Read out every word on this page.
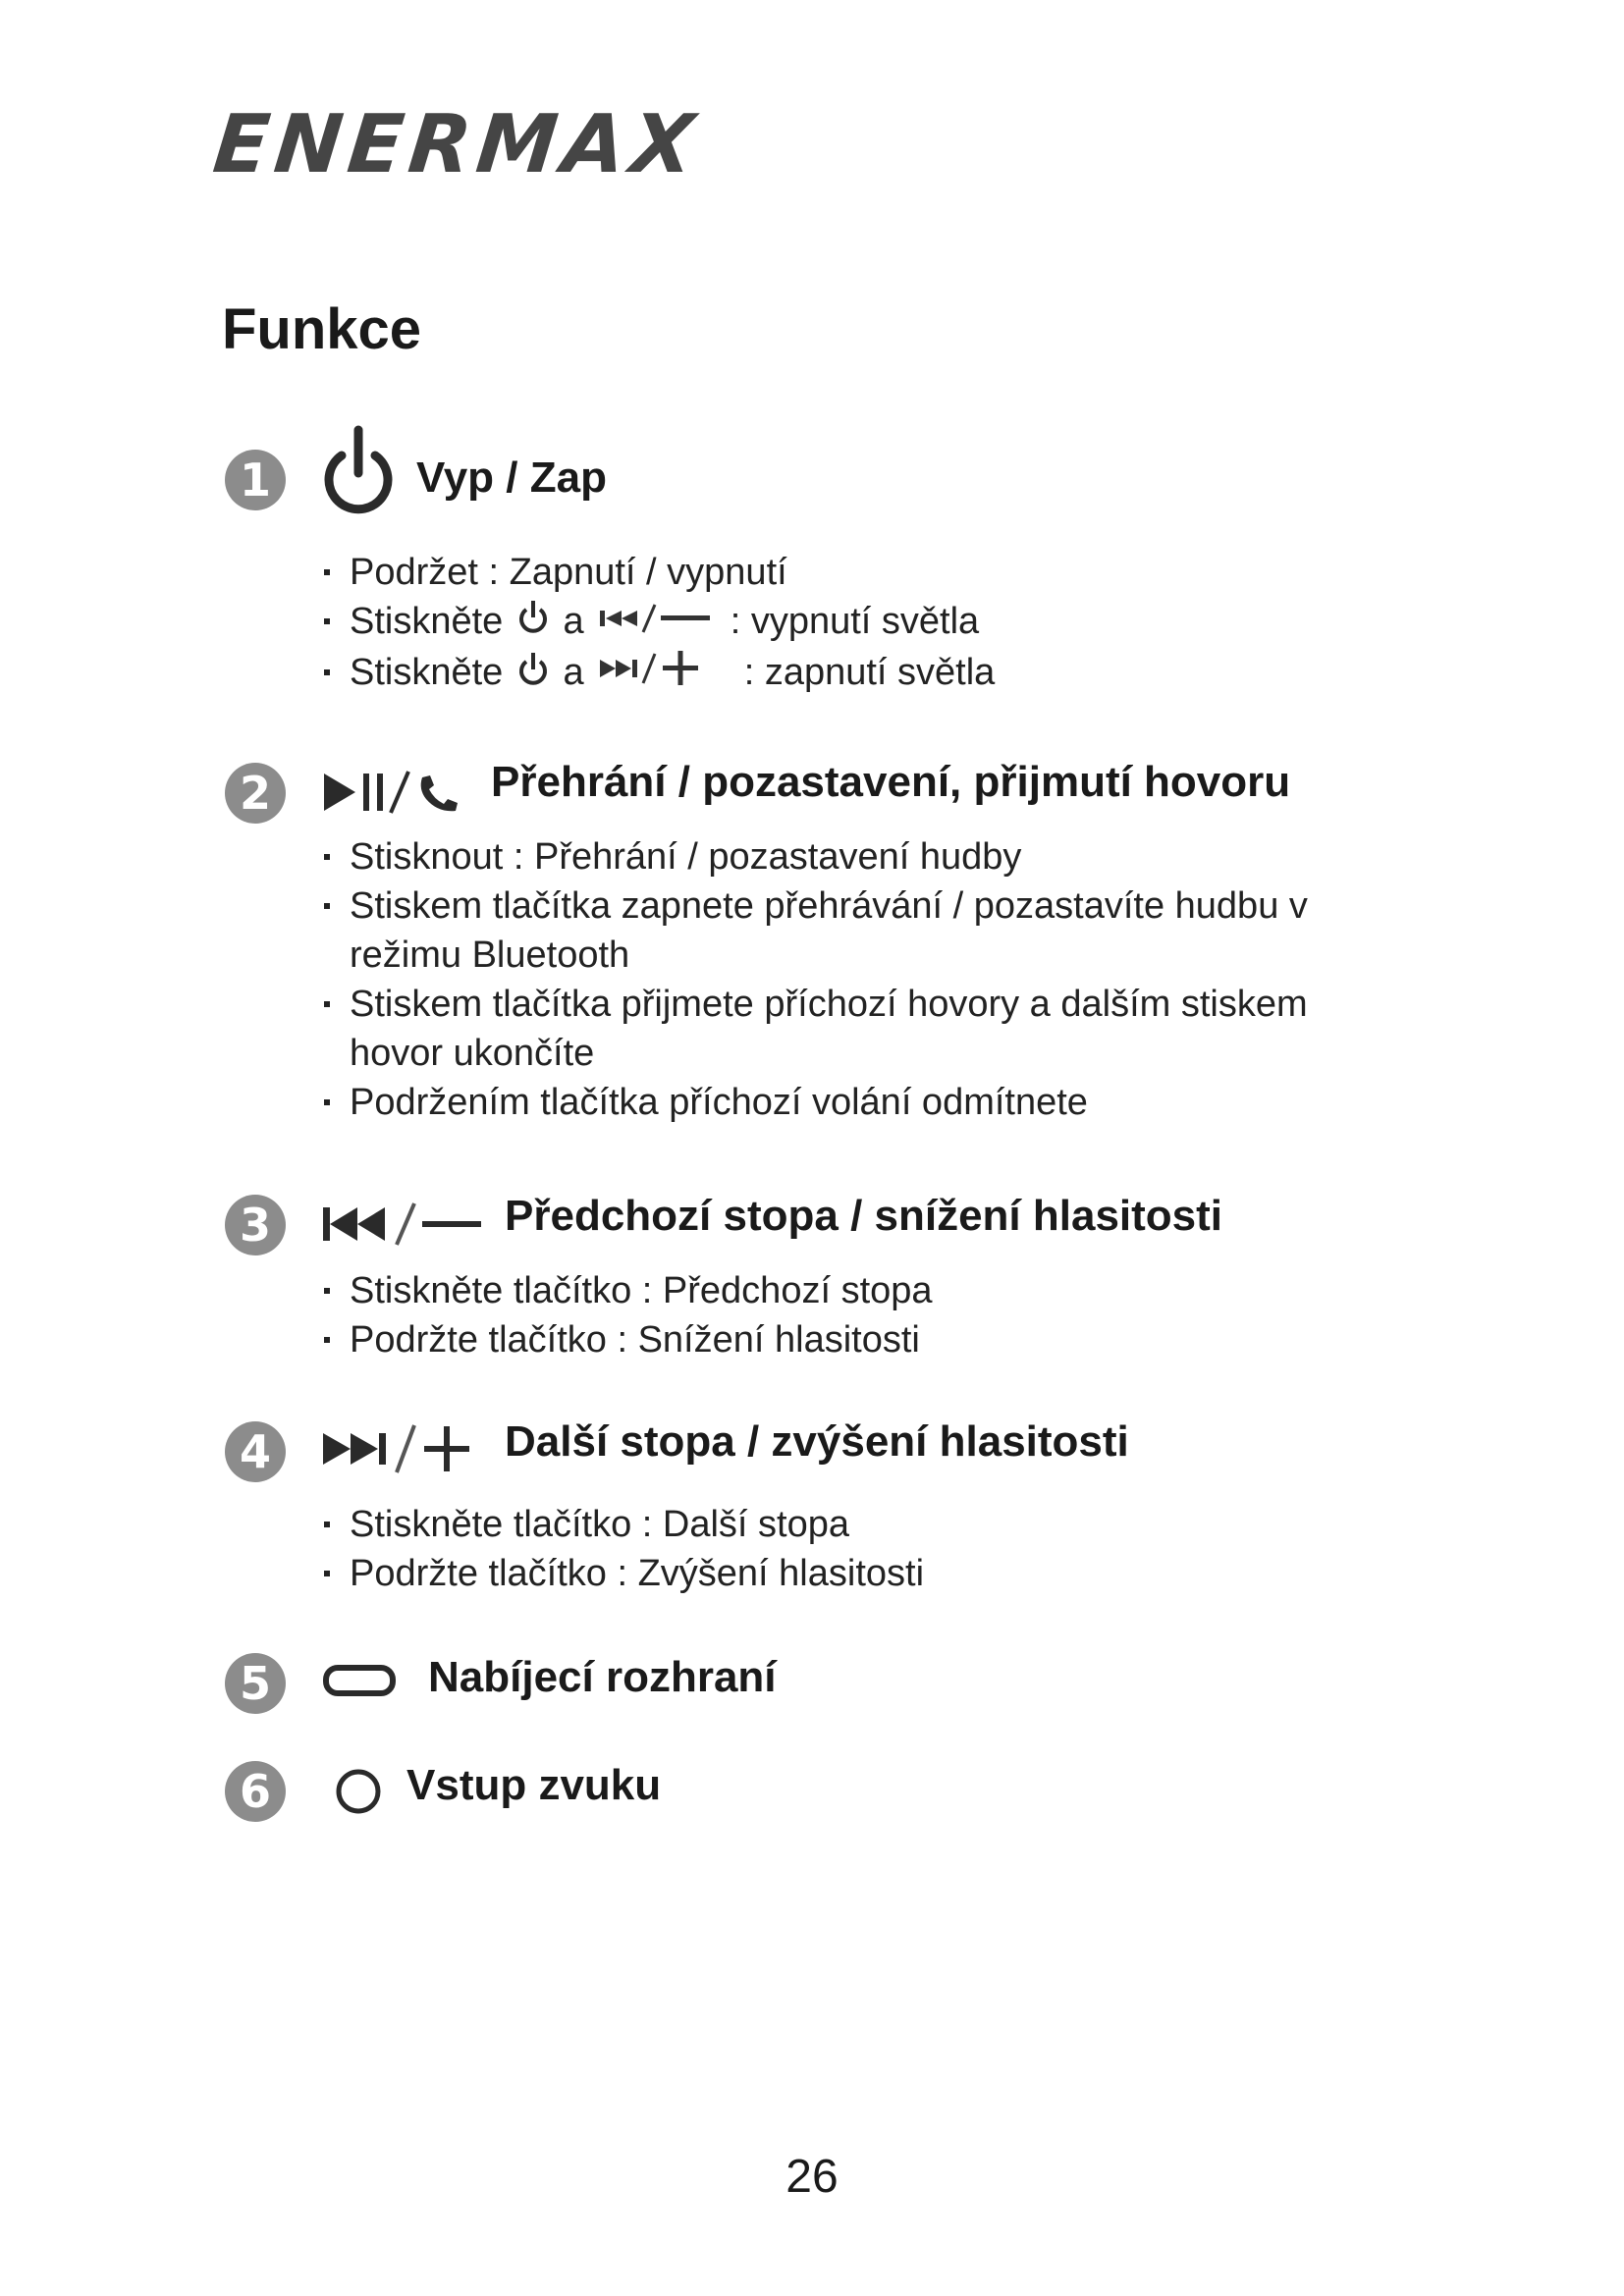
ENERMAX
Funkce
1	Vyp / Zap
Podržet : Zapnutí / vypnutí
Stiskněte a	: vypnutí světla
Stiskněte a	: zapnutí světla
2	Přehrání / pozastavení, přijmutí hovoru
Stisknout : Přehrání / pozastavení hudby
Stiskem tlačítka zapnete přehrávání / pozastavíte hudbu v režimu Bluetooth
Stiskem tlačítka přijmete příchozí hovory a dalším stiskem hovor ukončíte
Podržením tlačítka příchozí volání odmítnete
3	Předchozí stopa / snížení hlasitosti
Stiskněte tlačítko : Předchozí stopa
Podržte tlačítko : Snížení hlasitosti
4	Další stopa / zvýšení hlasitosti
Stiskněte tlačítko : Další stopa
Podržte tlačítko : Zvýšení hlasitosti
5	Nabíjecí rozhraní
6	Vstup zvuku
26
